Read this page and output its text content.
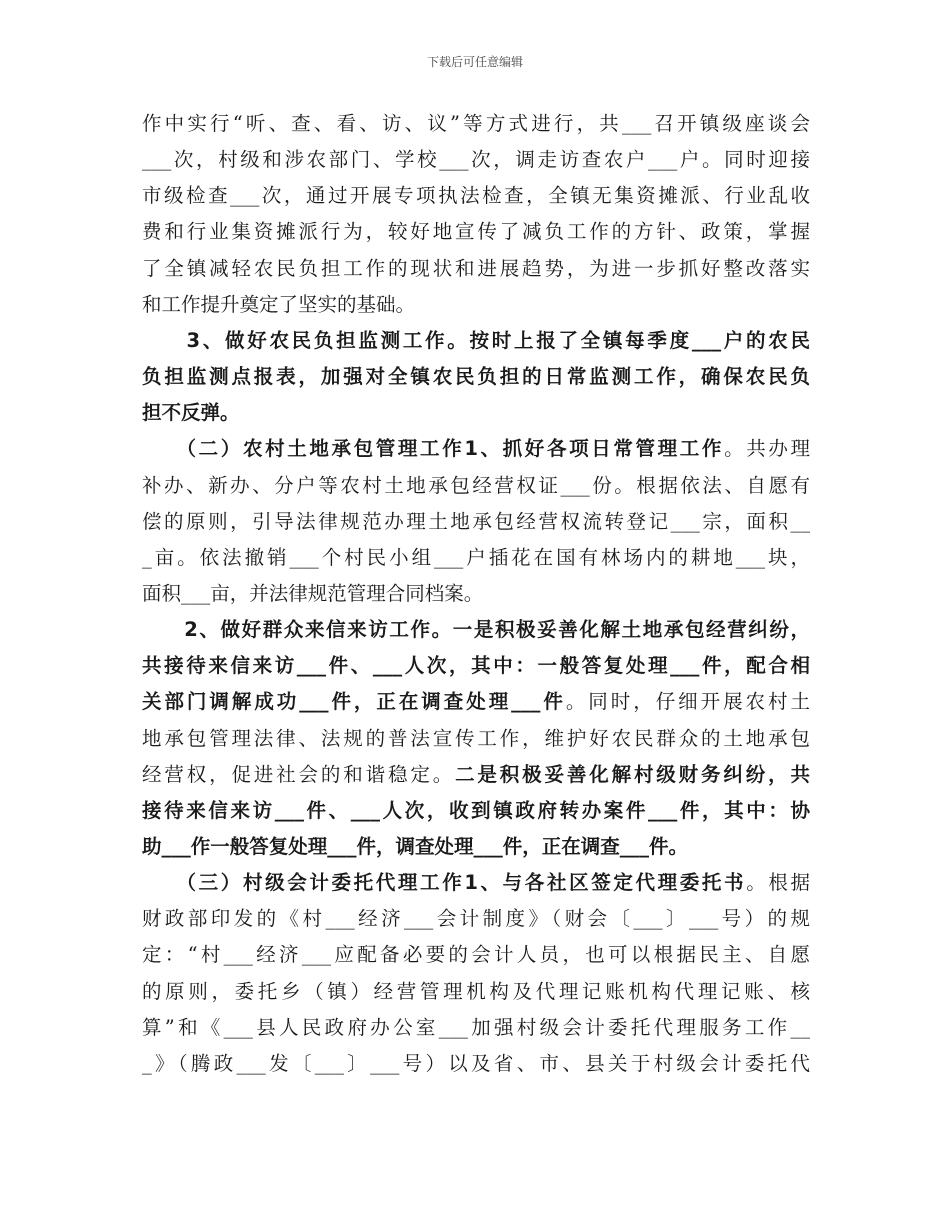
下载后可任意编辑
作中实行“听、查、看、访、议”等方式进行，共___召开镇级座谈会
___次，村级和涉农部门、学校___次，调走访查农户___户。同时迎接
市级检查___次，通过开展专项执法检查，全镇无集资摊派、行业乱收
费和行业集资摊派行为，较好地宣传了减负工作的方针、政策，掌握
了全镇减轻农民负担工作的现状和进展趋势，为进一步抓好整改落实
和工作提升奠定了坚实的基础。
　　3、做好农民负担监测工作。按时上报了全镇每季度___户的农民
负担监测点报表，加强对全镇农民负担的日常监测工作，确保农民负
担不反弹。
　　（二）农村土地承包管理工作1、抓好各项日常管理工作。共办理
补办、新办、分户等农村土地承包经营权证___份。根据依法、自愿有
偿的原则，引导法律规范办理土地承包经营权流转登记___宗，面积__
_亩。依法撤销___个村民小组___户插花在国有林场内的耕地___块，
面积___亩，并法律规范管理合同档案。
　　2、做好群众来信来访工作。一是积极妥善化解土地承包经营纠纷，
共接待来信来访___件、___人次，其中：一般答复处理___件，配合相
关部门调解成功___件，正在调查处理___件。同时，仔细开展农村土
地承包管理法律、法规的普法宣传工作，维护好农民群众的土地承包
经营权，促进社会的和谐稳定。二是积极妥善化解村级财务纠纷，共
接待来信来访___件、___人次，收到镇政府转办案件___件，其中：协
助___作一般答复处理___件，调查处理___件，正在调查___件。
　　（三）村级会计委托代理工作1、与各社区签定代理委托书。根据
财政部印发的《村___经济___会计制度》（财会〔___〕___号）的规
定：“村___经济___应配备必要的会计人员，也可以根据民主、自愿
的原则，委托乡（镇）经营管理机构及代理记账机构代理记账、核
算”和《___县人民政府办公室___加强村级会计委托代理服务工作__
_》（腾政___发〔___〕___号）以及省、市、县关于村级会计委托代
